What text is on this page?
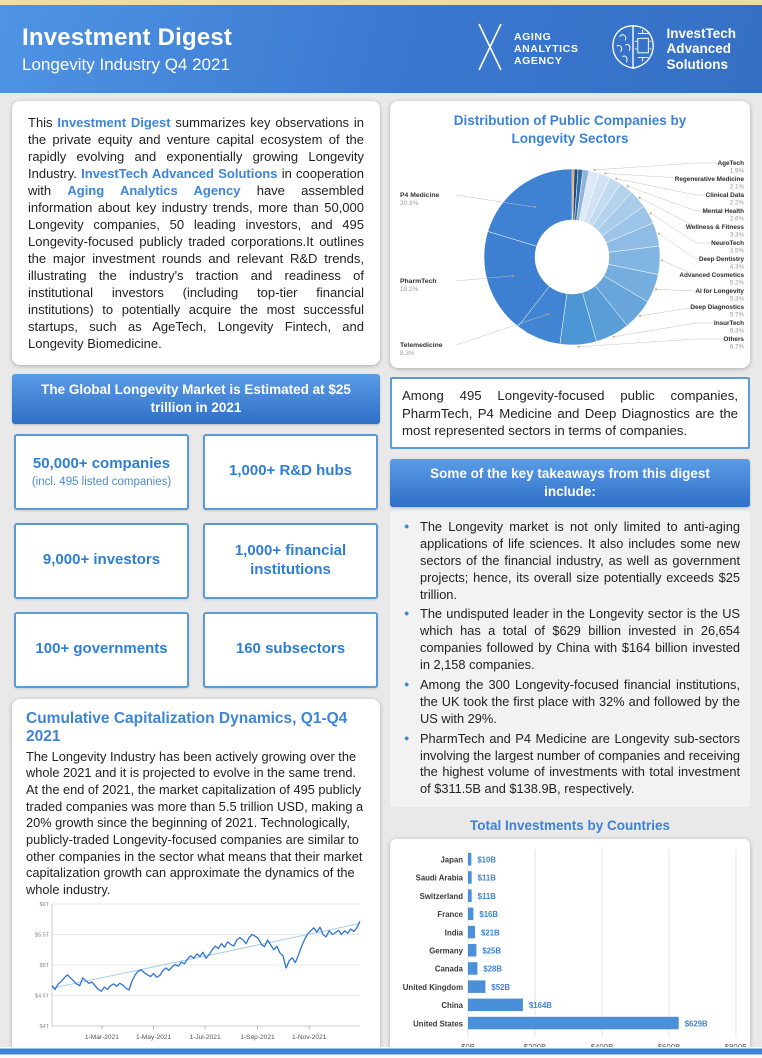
Investment Digest
Longevity Industry Q4 2021
AGING
ANALYTICS
AGENCY
InvestTech
Advanced
Solutions
This Investment Digest summarizes key observations in the private equity and venture capital ecosystem of the rapidly evolving and exponentially growing Longevity Industry. InvestTech Advanced Solutions in cooperation with Aging Analytics Agency have assembled information about key industry trends, more than 50,000 Longevity companies, 50 leading investors, and 495 Longevity-focused publicly traded corporations.It outlines the major investment rounds and relevant R&D trends, illustrating the industry's traction and readiness of institutional investors (including top-tier financial institutions) to potentially acquire the most successful startups, such as AgeTech, Longevity Fintech, and Longevity Biomedicine.
The Global Longevity Market is Estimated at $25 trillion in 2021
50,000+ companies
(incl. 495 listed companies)
1,000+ R&D hubs
9,000+ investors
1,000+ financial institutions
100+ governments	160 subsectors
Cumulative Capitalization Dynamics, Q1-Q4 2021
The Longevity Industry has been actively growing over the whole 2021 and it is projected to evolve in the same trend. At the end of 2021, the market capitalization of 495 publicly traded companies was more than 5.5 trillion USD, making a 20% growth since the beginning of 2021. Technologically, publicly-traded Longevity-focused companies are similar to other companies in the sector what means that their market capitalization growth can approximate the dynamics of the whole industry.
$4T
$4.5T
$5T
$5.5T
$6T
1-Mar-2021	1-May-2021	1-Jul-2021	1-Sep-2021	1-Nov-2021
Distribution of Public Companies by Longevity Sectors
AgeTech
1.9%
Regenerative Medicine
2.1%
Clinical Data
2.2%
Mental Health
2.6%
Wellness & Fitness
3.3%
NeuroTech
3.5%
Deep Dentistry
4.3%
Advanced Cosmetics
5.2%
AI for Longevity
5.3%
Deep Diagnostics
5.7%
InsurTech
6.3%
Others
6.7%
Telemedicine
8.3%
PharmTech
19.2%
P4 Medicine
20.3%
Among 495 Longevity-focused public companies, PharmTech, P4 Medicine and Deep Diagnostics are the most represented sectors in terms of companies.
Some of the key takeaways from this digest include:
● The Longevity market is not only limited to anti-aging applications of life sciences. It also includes some new sectors of the financial industry, as well as government projects; hence, its overall size potentially exceeds $25 trillion.
● The undisputed leader in the Longevity sector is the US which has a total of $629 billion invested in 26,654 companies followed by China with $164 billion invested in 2,158 companies.
● Among the 300 Longevity-focused financial institutions, the UK took the first place with 32% and followed by the US with 29%.
● PharmTech and P4 Medicine are Longevity sub-sectors involving the largest number of companies and receiving the highest volume of investments with total investment of $311.5B and $138.9B, respectively.
Total Investments by Countries
Japan $10B
Saudi Arabia $11B
Switzerland $11B
France $16B
India $21B
Germany $25B
Canada	$28B
United Kingdom	$52B
China	$164B
United States	$629B
